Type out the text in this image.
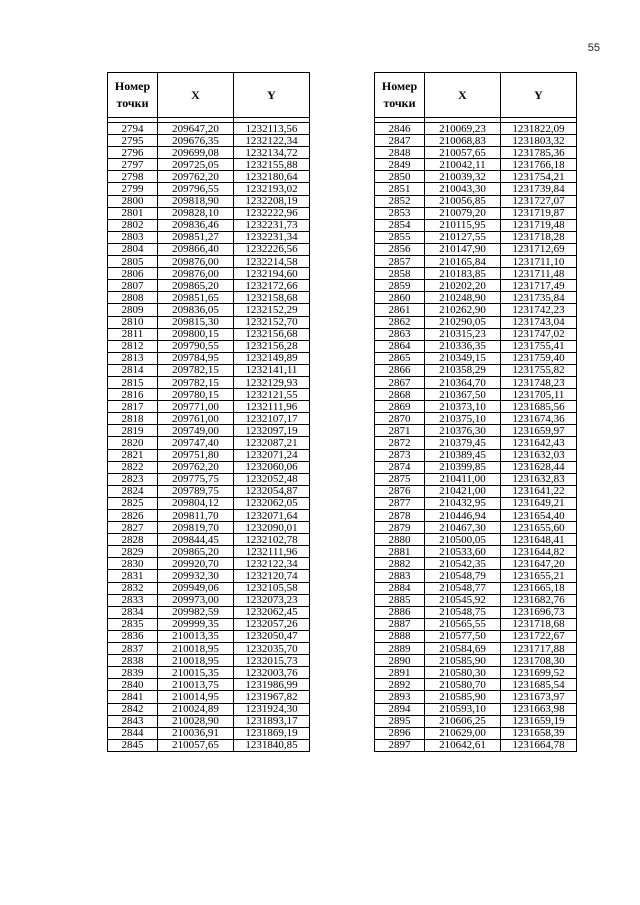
55
Номер
точки	X	Y

2794	209647,20	1232113,56
2795	209676,35	1232122,34
2796	209699,08	1232134,72
2797	209725,05	1232155,88
2798	209762,20	1232180,64
2799	209796,55	1232193,02
2800	209818,90	1232208,19
2801	209828,10	1232222,96
2802	209836,46	1232231,73
2803	209851,27	1232231,34
2804	209866,40	1232226,56
2805	209876,00	1232214,58
2806	209876,00	1232194,60
2807	209865,20	1232172,66
2808	209851,65	1232158,68
2809	209836,05	1232152,29
2810	209815,30	1232152,70
2811	209800,15	1232156,68
2812	209790,55	1232156,28
2813	209784,95	1232149,89
2814	209782,15	1232141,11
2815	209782,15	1232129,93
2816	209780,15	1232121,55
2817	209771,00	1232111,96
2818	209761,00	1232107,17
2819	209749,00	1232097,19
2820	209747,40	1232087,21
2821	209751,80	1232071,24
2822	209762,20	1232060,06
2823	209775,75	1232052,48
2824	209789,75	1232054,87
2825	209804,12	1232062,05
2826	209811,70	1232071,64
2827	209819,70	1232090,01
2828	209844,45	1232102,78
2829	209865,20	1232111,96
2830	209920,70	1232122,34
2831	209932,30	1232120,74
2832	209949,06	1232105,58
2833	209973,00	1232073,23
2834	209982,59	1232062,45
2835	209999,35	1232057,26
2836	210013,35	1232050,47
2837	210018,95	1232035,70
2838	210018,95	1232015,73
2839	210015,35	1232003,76
2840	210013,75	1231986,99
2841	210014,95	1231967,82
2842	210024,89	1231924,30
2843	210028,90	1231893,17
2844	210036,91	1231869,19
2845	210057,65	1231840,85
Номер
точки	X	Y

2846	210069,23	1231822,09
2847	210068,83	1231803,32
2848	210057,65	1231785,36
2849	210042,11	1231766,18
2850	210039,32	1231754,21
2851	210043,30	1231739,84
2852	210056,85	1231727,07
2853	210079,20	1231719,87
2854	210115,95	1231719,48
2855	210127,55	1231718,28
2856	210147,90	1231712,69
2857	210165,84	1231711,10
2858	210183,85	1231711,48
2859	210202,20	1231717,49
2860	210248,90	1231735,84
2861	210262,90	1231742,23
2862	210290,05	1231743,04
2863	210315,23	1231747,02
2864	210336,35	1231755,41
2865	210349,15	1231759,40
2866	210358,29	1231755,82
2867	210364,70	1231748,23
2868	210367,50	1231705,11
2869	210373,10	1231685,56
2870	210375,10	1231674,36
2871	210376,30	1231659,97
2872	210379,45	1231642,43
2873	210389,45	1231632,03
2874	210399,85	1231628,44
2875	210411,00	1231632,83
2876	210421,00	1231641,22
2877	210432,95	1231649,21
2878	210446,94	1231654,40
2879	210467,30	1231655,60
2880	210500,05	1231648,41
2881	210533,60	1231644,82
2882	210542,35	1231647,20
2883	210548,79	1231655,21
2884	210548,77	1231665,18
2885	210545,92	1231682,76
2886	210548,75	1231696,73
2887	210565,55	1231718,68
2888	210577,50	1231722,67
2889	210584,69	1231717,88
2890	210585,90	1231708,30
2891	210580,30	1231699,52
2892	210580,70	1231685,54
2893	210585,90	1231673,97
2894	210593,10	1231663,98
2895	210606,25	1231659,19
2896	210629,00	1231658,39
2897	210642,61	1231664,78
